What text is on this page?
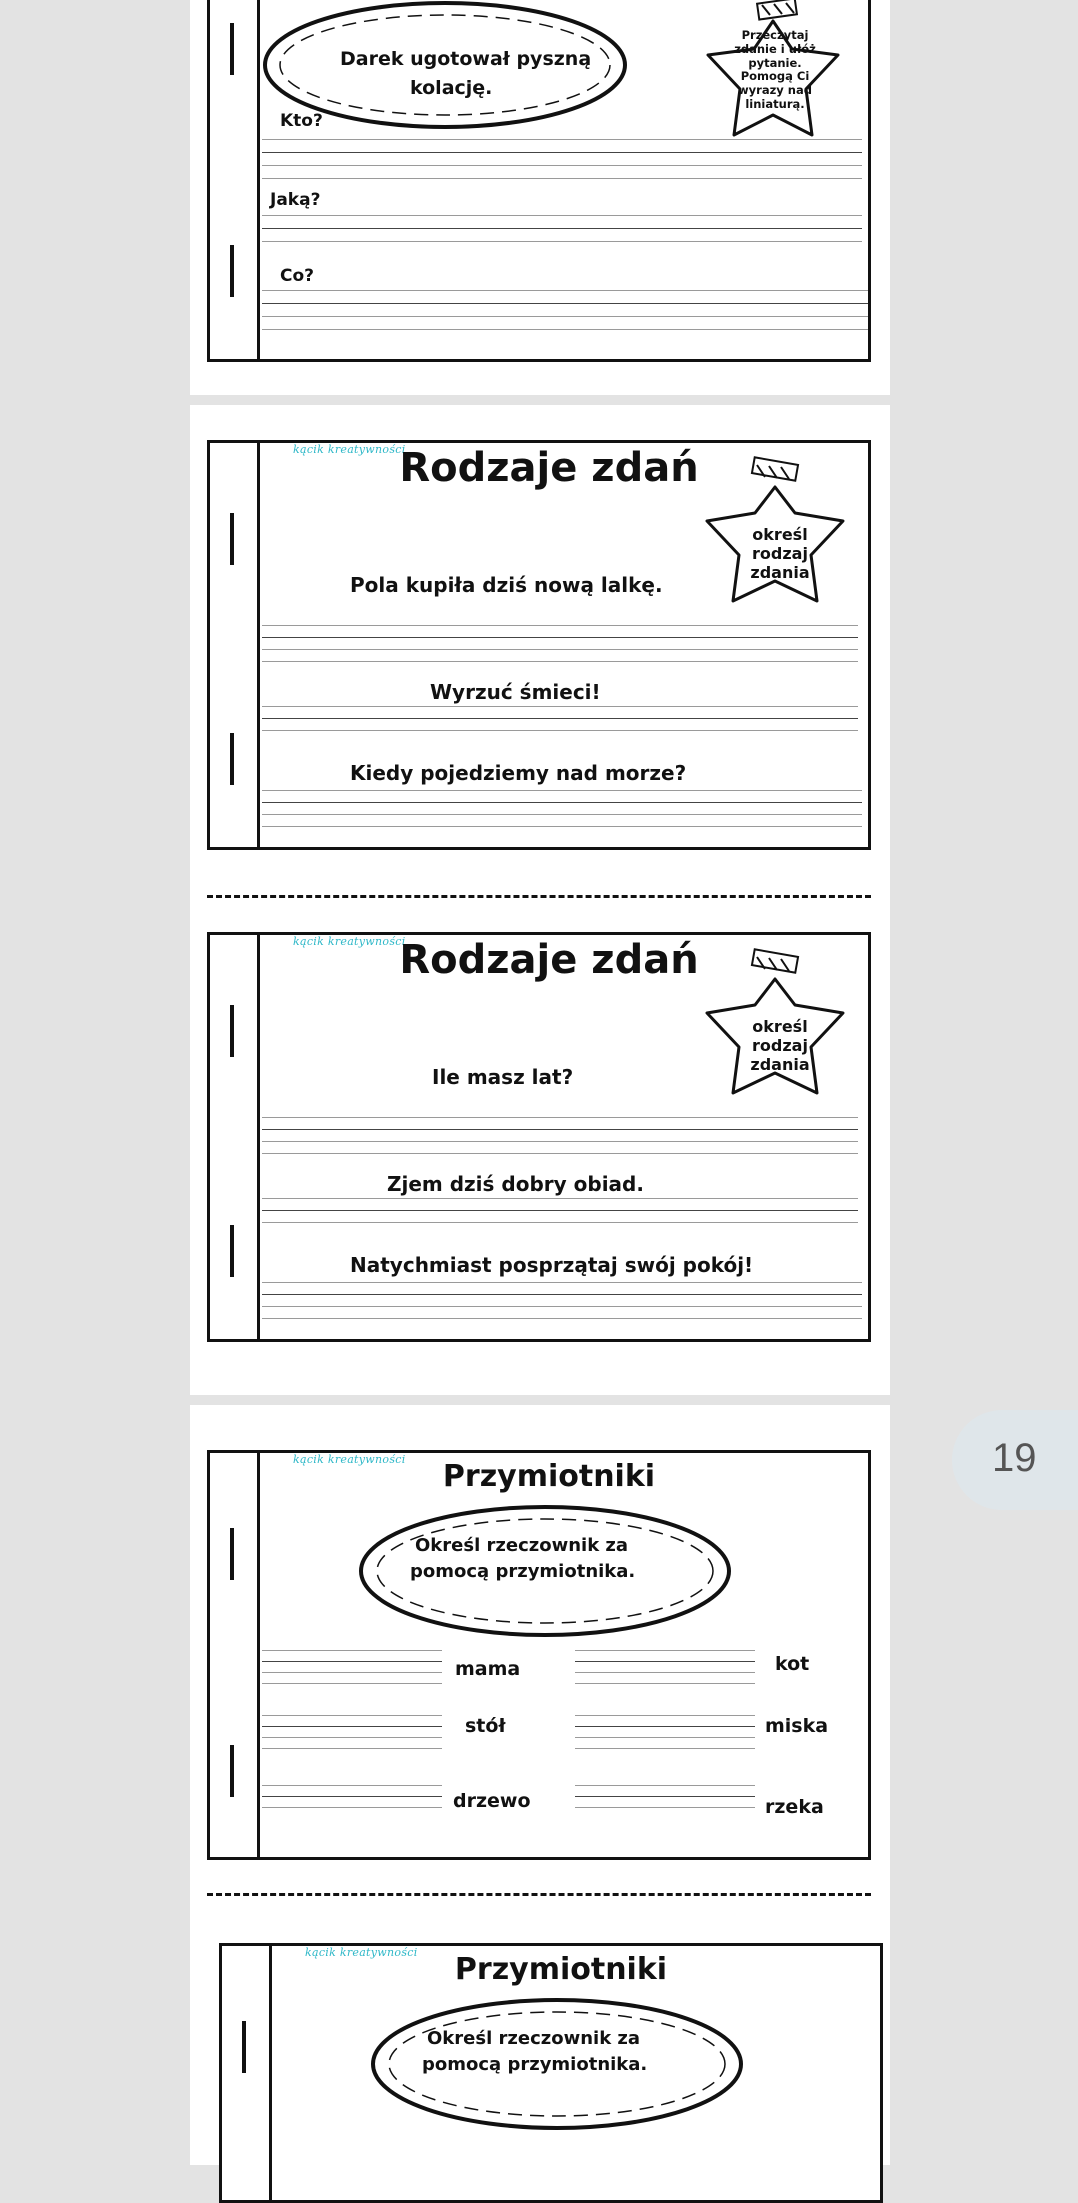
Darek ugotował pyszną
kolację.
Przeczytaj
zdanie i ułóż
pytanie.
Pomogą Ci
wyrazy nad
liniaturą.
Kto?
Jaką?
Co?
kącik kreatywności
Rodzaje zdań
określ
rodzaj
zdania
Pola kupiła dziś nową lalkę.
Wyrzuć śmieci!
Kiedy pojedziemy nad morze?
kącik kreatywności
Rodzaje zdań
określ
rodzaj
zdania
Ile masz lat?
Zjem dziś dobry obiad.
Natychmiast posprzątaj swój pokój!
kącik kreatywności	Przymiotniki
Określ rzeczownik za
pomocą przymiotnika.
mama
stół
drzewo
kot
miska
rzeka
kącik kreatywności	Przymiotniki
Określ rzeczownik za
pomocą przymiotnika.
19
